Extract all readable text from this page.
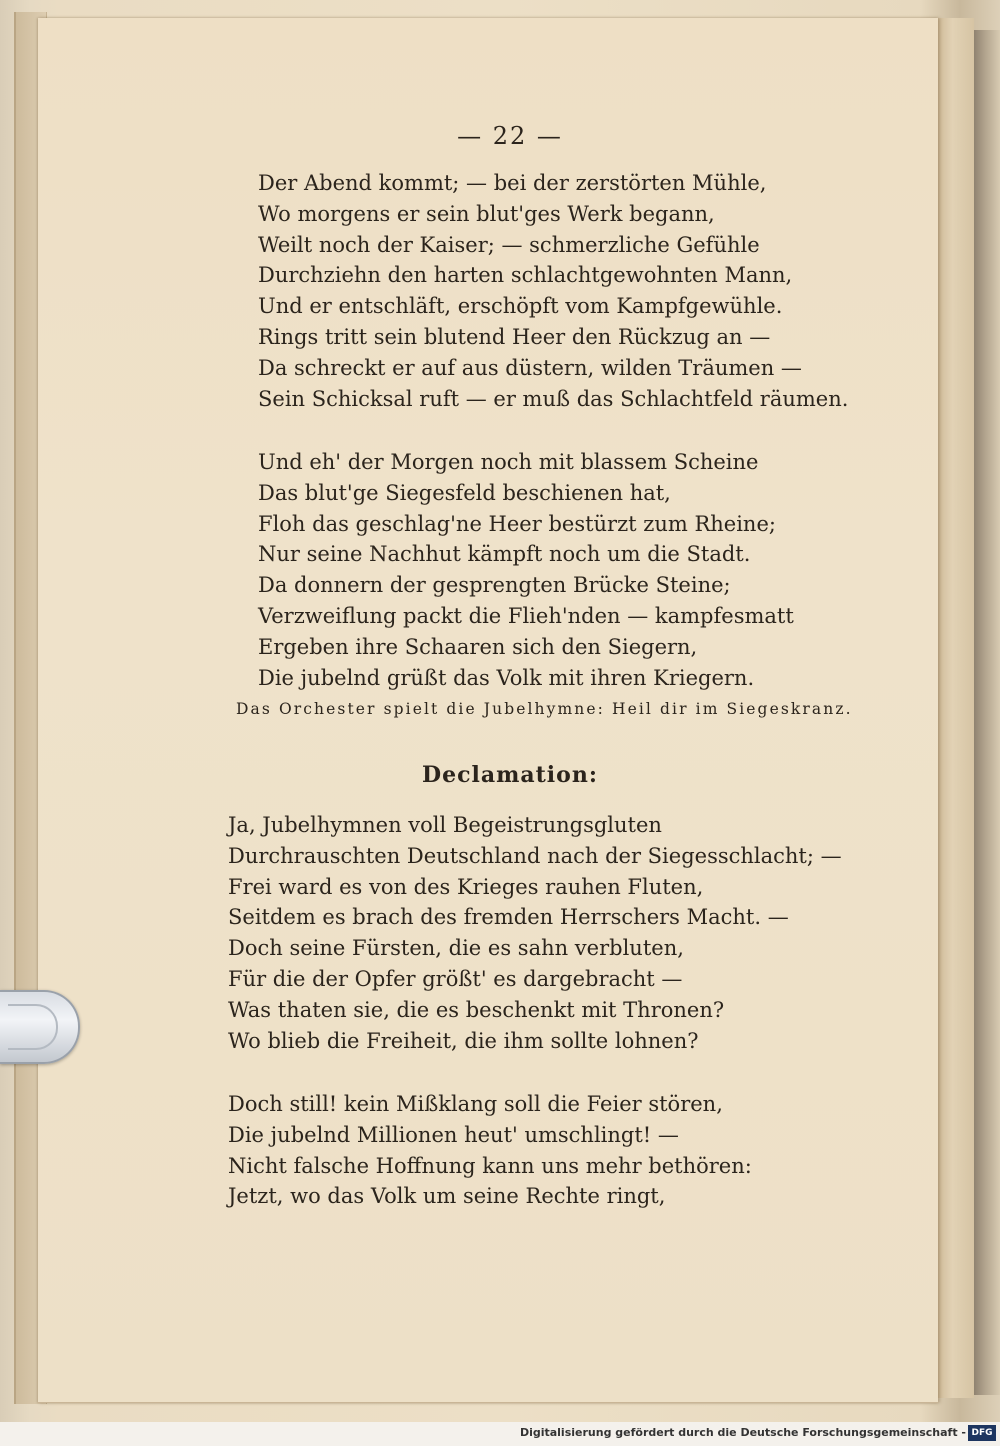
— 22 —
Der Abend kommt; — bei der zerstörten Mühle,
Wo morgens er sein blut'ges Werk begann,
Weilt noch der Kaiser; — schmerzliche Gefühle
Durchziehn den harten schlachtgewohnten Mann,
Und er entschläft, erschöpft vom Kampfgewühle.
Rings tritt sein blutend Heer den Rückzug an —
Da schreckt er auf aus düstern, wilden Träumen —
Sein Schicksal ruft — er muß das Schlachtfeld räumen.
Und eh' der Morgen noch mit blassem Scheine
Das blut'ge Siegesfeld beschienen hat,
Floh das geschlag'ne Heer bestürzt zum Rheine;
Nur seine Nachhut kämpft noch um die Stadt.
Da donnern der gesprengten Brücke Steine;
Verzweiflung packt die Flieh'nden — kampfesmatt
Ergeben ihre Schaaren sich den Siegern,
Die jubelnd grüßt das Volk mit ihren Kriegern.
Das Orchester spielt die Jubelhymne: Heil dir im Siegeskranz.
Declamation:
Ja, Jubelhymnen voll Begeistrungsgluten
Durchrauschten Deutschland nach der Siegesschlacht; —
Frei ward es von des Krieges rauhen Fluten,
Seitdem es brach des fremden Herrschers Macht. —
Doch seine Fürsten, die es sahn verbluten,
Für die der Opfer größt' es dargebracht —
Was thaten sie, die es beschenkt mit Thronen?
Wo blieb die Freiheit, die ihm sollte lohnen?
Doch still! kein Mißklang soll die Feier stören,
Die jubelnd Millionen heut' umschlingt! —
Nicht falsche Hoffnung kann uns mehr bethören:
Jetzt, wo das Volk um seine Rechte ringt,
Digitalisierung gefördert durch die Deutsche Forschungsgemeinschaft - DFG
